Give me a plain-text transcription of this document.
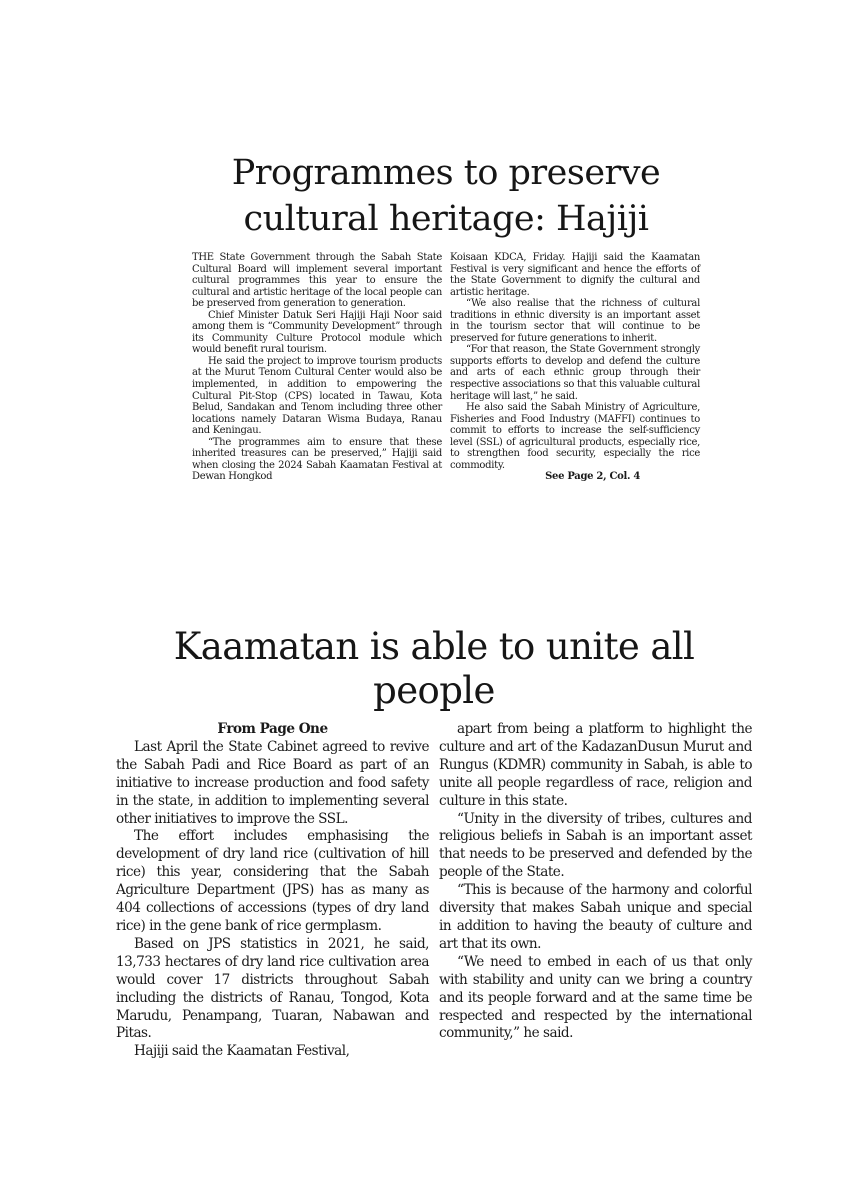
Programmes to preserve
cultural heritage: Hajiji

THE State Government through the Sabah State Cultural Board will implement several important cultural programmes this year to ensure the cultural and artistic heritage of the local people can be preserved from generation to generation.

Chief Minister Datuk Seri Hajiji Haji Noor said among them is “Community Development” through its Community Culture Protocol module which would benefit rural tourism.

He said the project to improve tourism products at the Murut Tenom Cultural Center would also be implemented, in addition to empowering the Cultural Pit-Stop (CPS) located in Tawau, Kota Belud, Sandakan and Tenom including three other locations namely Dataran Wisma Budaya, Ranau and Keningau.

“The programmes aim to ensure that these inherited treasures can be preserved,” Hajiji said when closing the 2024 Sabah Kaamatan Festival at Dewan Hongkod

Koisaan KDCA, Friday. Hajiji said the Kaamatan Festival is very significant and hence the efforts of the State Government to dignify the cultural and artistic heritage.

“We also realise that the richness of cultural traditions in ethnic diversity is an important asset in the tourism sector that will continue to be preserved for future generations to inherit.

“For that reason, the State Government strongly supports efforts to develop and defend the culture and arts of each ethnic group through their respective associations so that this valuable cultural heritage will last,” he said.

He also said the Sabah Ministry of Agriculture, Fisheries and Food Industry (MAFFI) continues to commit to efforts to increase the self-sufficiency level (SSL) of agricultural products, especially rice, to strengthen food security, especially the rice commodity.

See Page 2, Col. 4
Kaamatan is able to unite all people
From Page One

Last April the State Cabinet agreed to revive the Sabah Padi and Rice Board as part of an initiative to increase production and food safety in the state, in addition to implementing several other initiatives to improve the SSL.

The effort includes emphasising the development of dry land rice (cultivation of hill rice) this year, considering that the Sabah Agriculture Department (JPS) has as many as 404 collections of accessions (types of dry land rice) in the gene bank of rice germplasm.

Based on JPS statistics in 2021, he said, 13,733 hectares of dry land rice cultivation area would cover 17 districts throughout Sabah including the districts of Ranau, Tongod, Kota Marudu, Penampang, Tuaran, Nabawan and Pitas.

Hajiji said the Kaamatan Festival,

apart from being a platform to highlight the culture and art of the KadazanDusun Murut and Rungus (KDMR) community in Sabah, is able to unite all people regardless of race, religion and culture in this state.

“Unity in the diversity of tribes, cultures and religious beliefs in Sabah is an important asset that needs to be preserved and defended by the people of the State.

“This is because of the harmony and colorful diversity that makes Sabah unique and special in addition to having the beauty of culture and art that its own.

“We need to embed in each of us that only with stability and unity can we bring a country and its people forward and at the same time be respected and respected by the international community,” he said.
